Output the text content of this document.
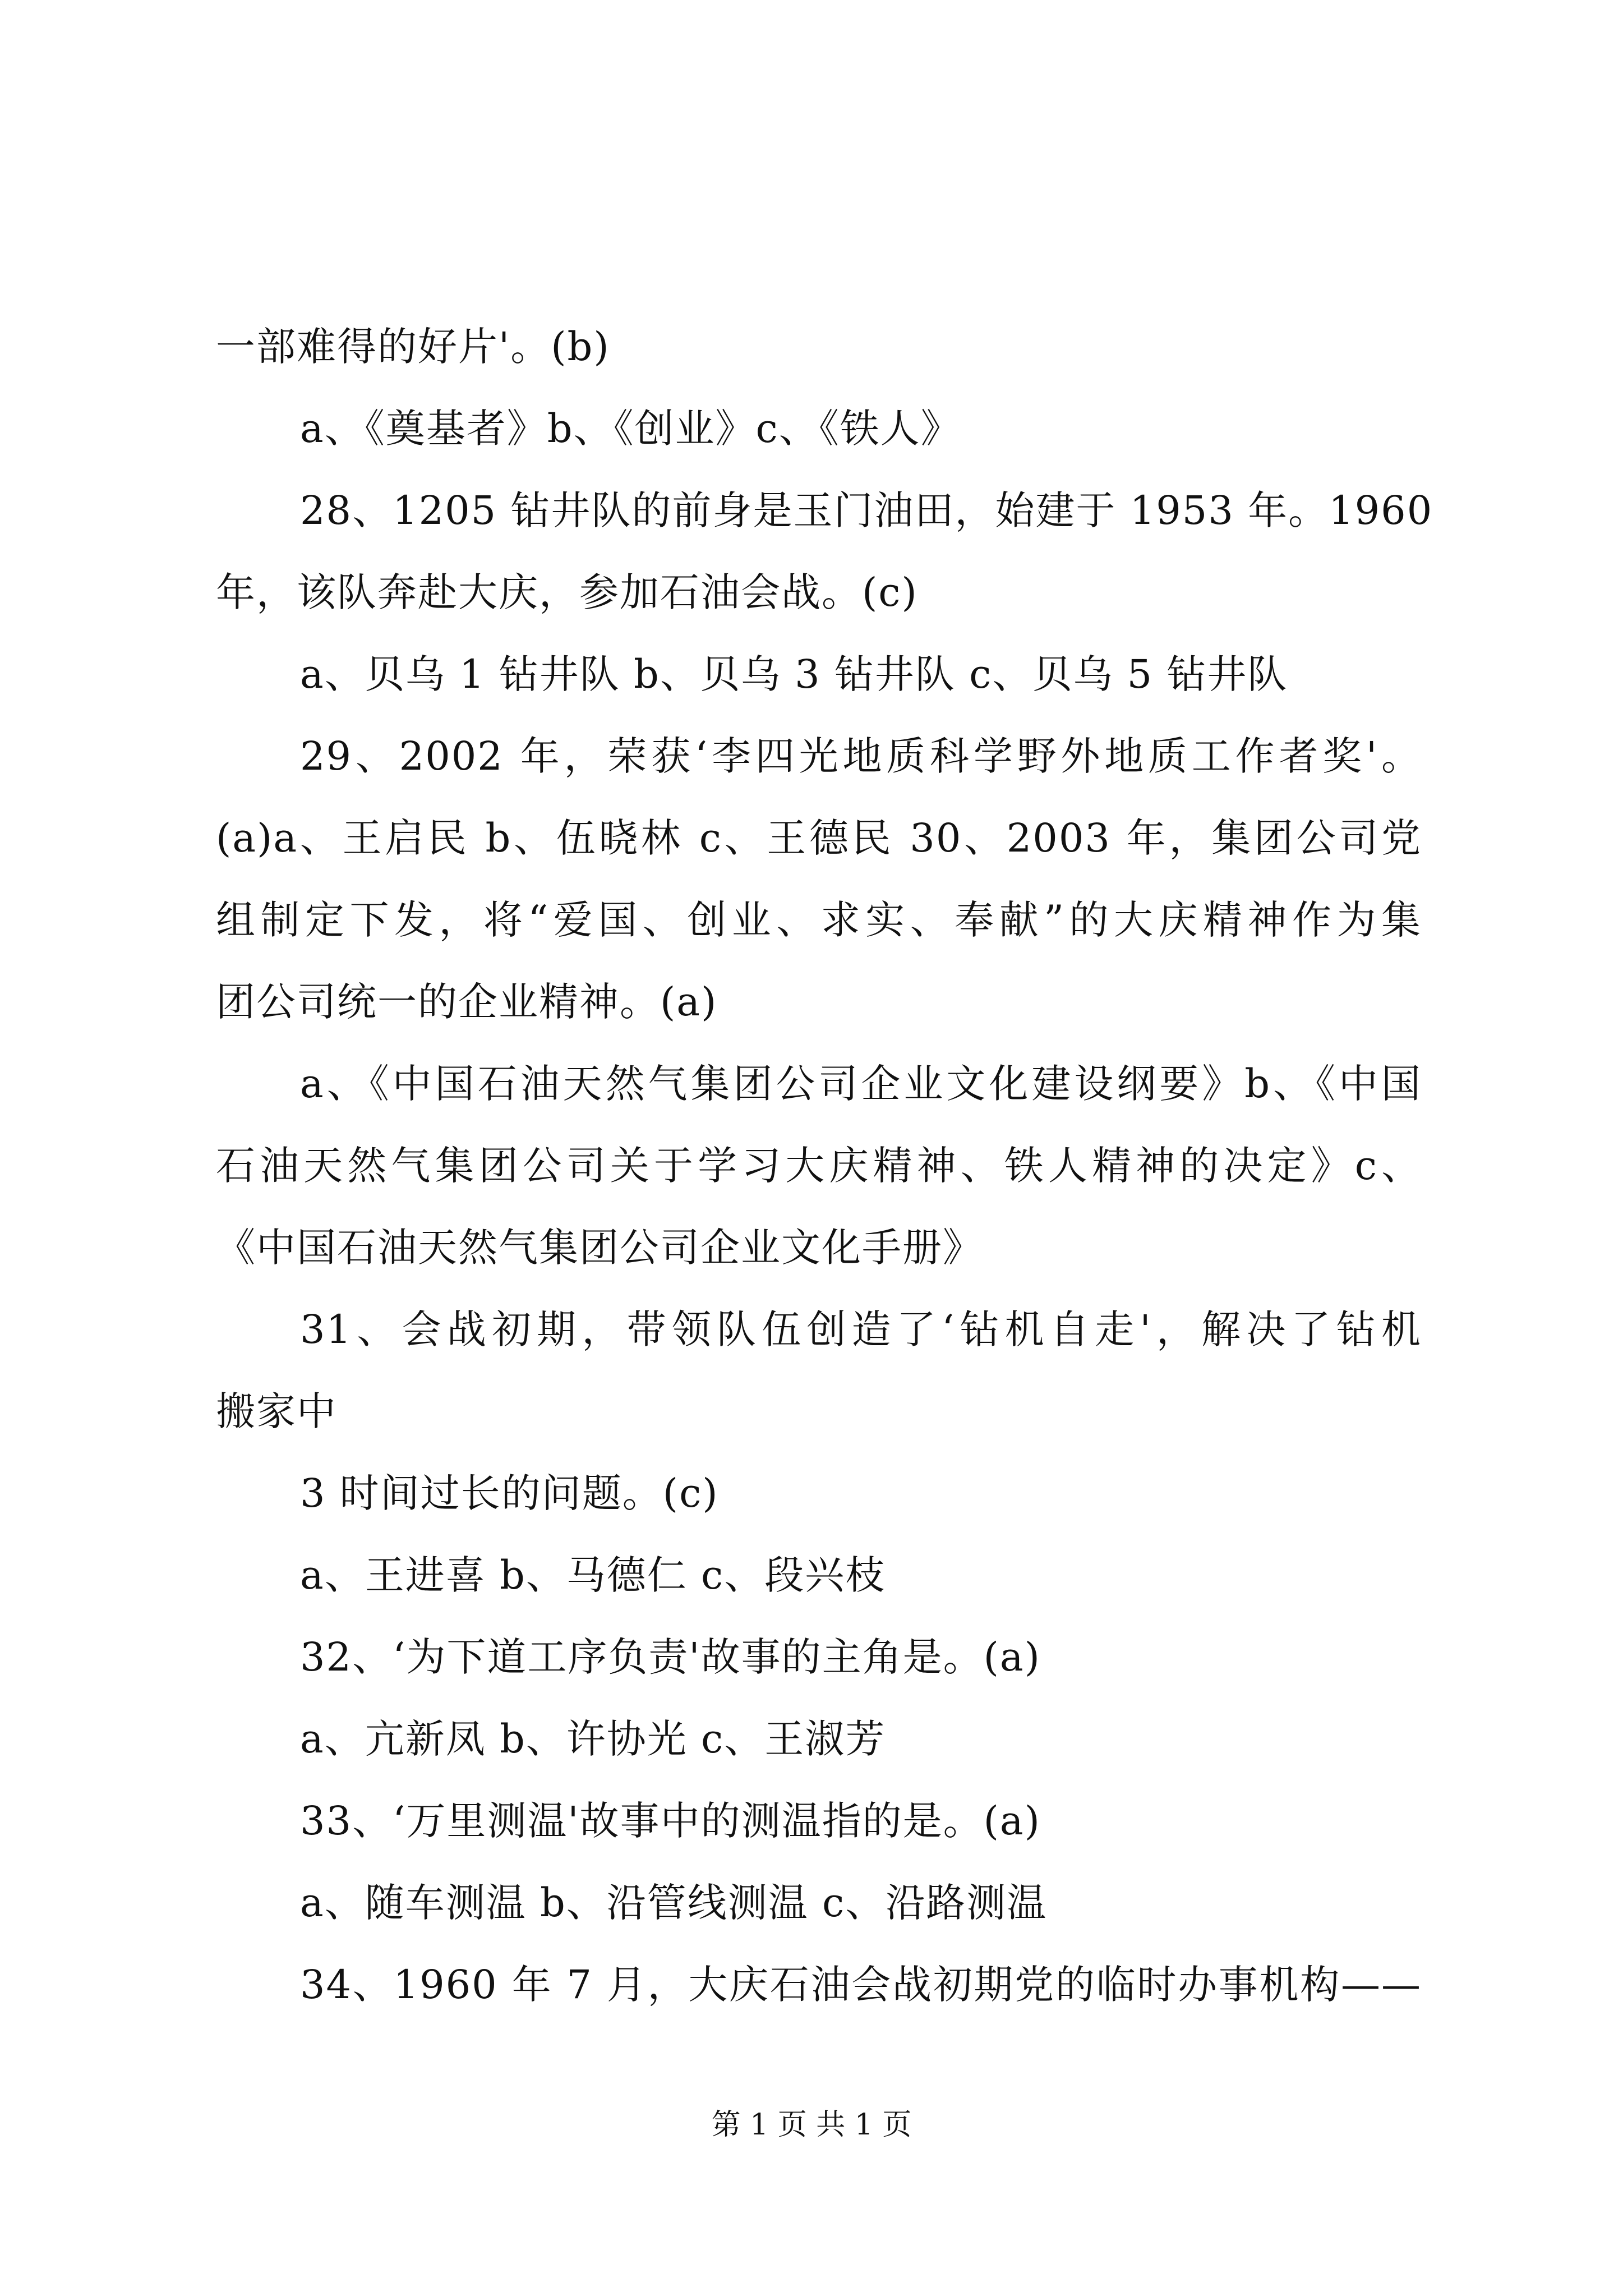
一部难得的好片'。(b)
a、《奠基者》b、《创业》c、《铁人》
28、1205 钻井队的前身是玉门油田，始建于 1953 年。1960
年，该队奔赴大庆，参加石油会战。(c)
a、贝乌 1 钻井队 b、贝乌 3 钻井队 c、贝乌 5 钻井队
29、2002 年，荣获‘李四光地质科学野外地质工作者奖'。
(a)a、王启民 b、伍晓林 c、王德民 30、2003 年，集团公司党
组制定下发，将“爱国、创业、求实、奉献”的大庆精神作为集
团公司统一的企业精神。(a)
a、《中国石油天然气集团公司企业文化建设纲要》b、《中国
石油天然气集团公司关于学习大庆精神、铁人精神的决定》c、
《中国石油天然气集团公司企业文化手册》
31、会战初期，带领队伍创造了‘钻机自走'，解决了钻机
搬家中
3 时间过长的问题。(c)
a、王进喜 b、马德仁 c、段兴枝
32、‘为下道工序负责'故事的主角是。(a)
a、亢新凤 b、许协光 c、王淑芳
33、‘万里测温'故事中的测温指的是。(a)
a、随车测温 b、沿管线测温 c、沿路测温
34、1960 年 7 月，大庆石油会战初期党的临时办事机构——
第 1 页 共 1 页
